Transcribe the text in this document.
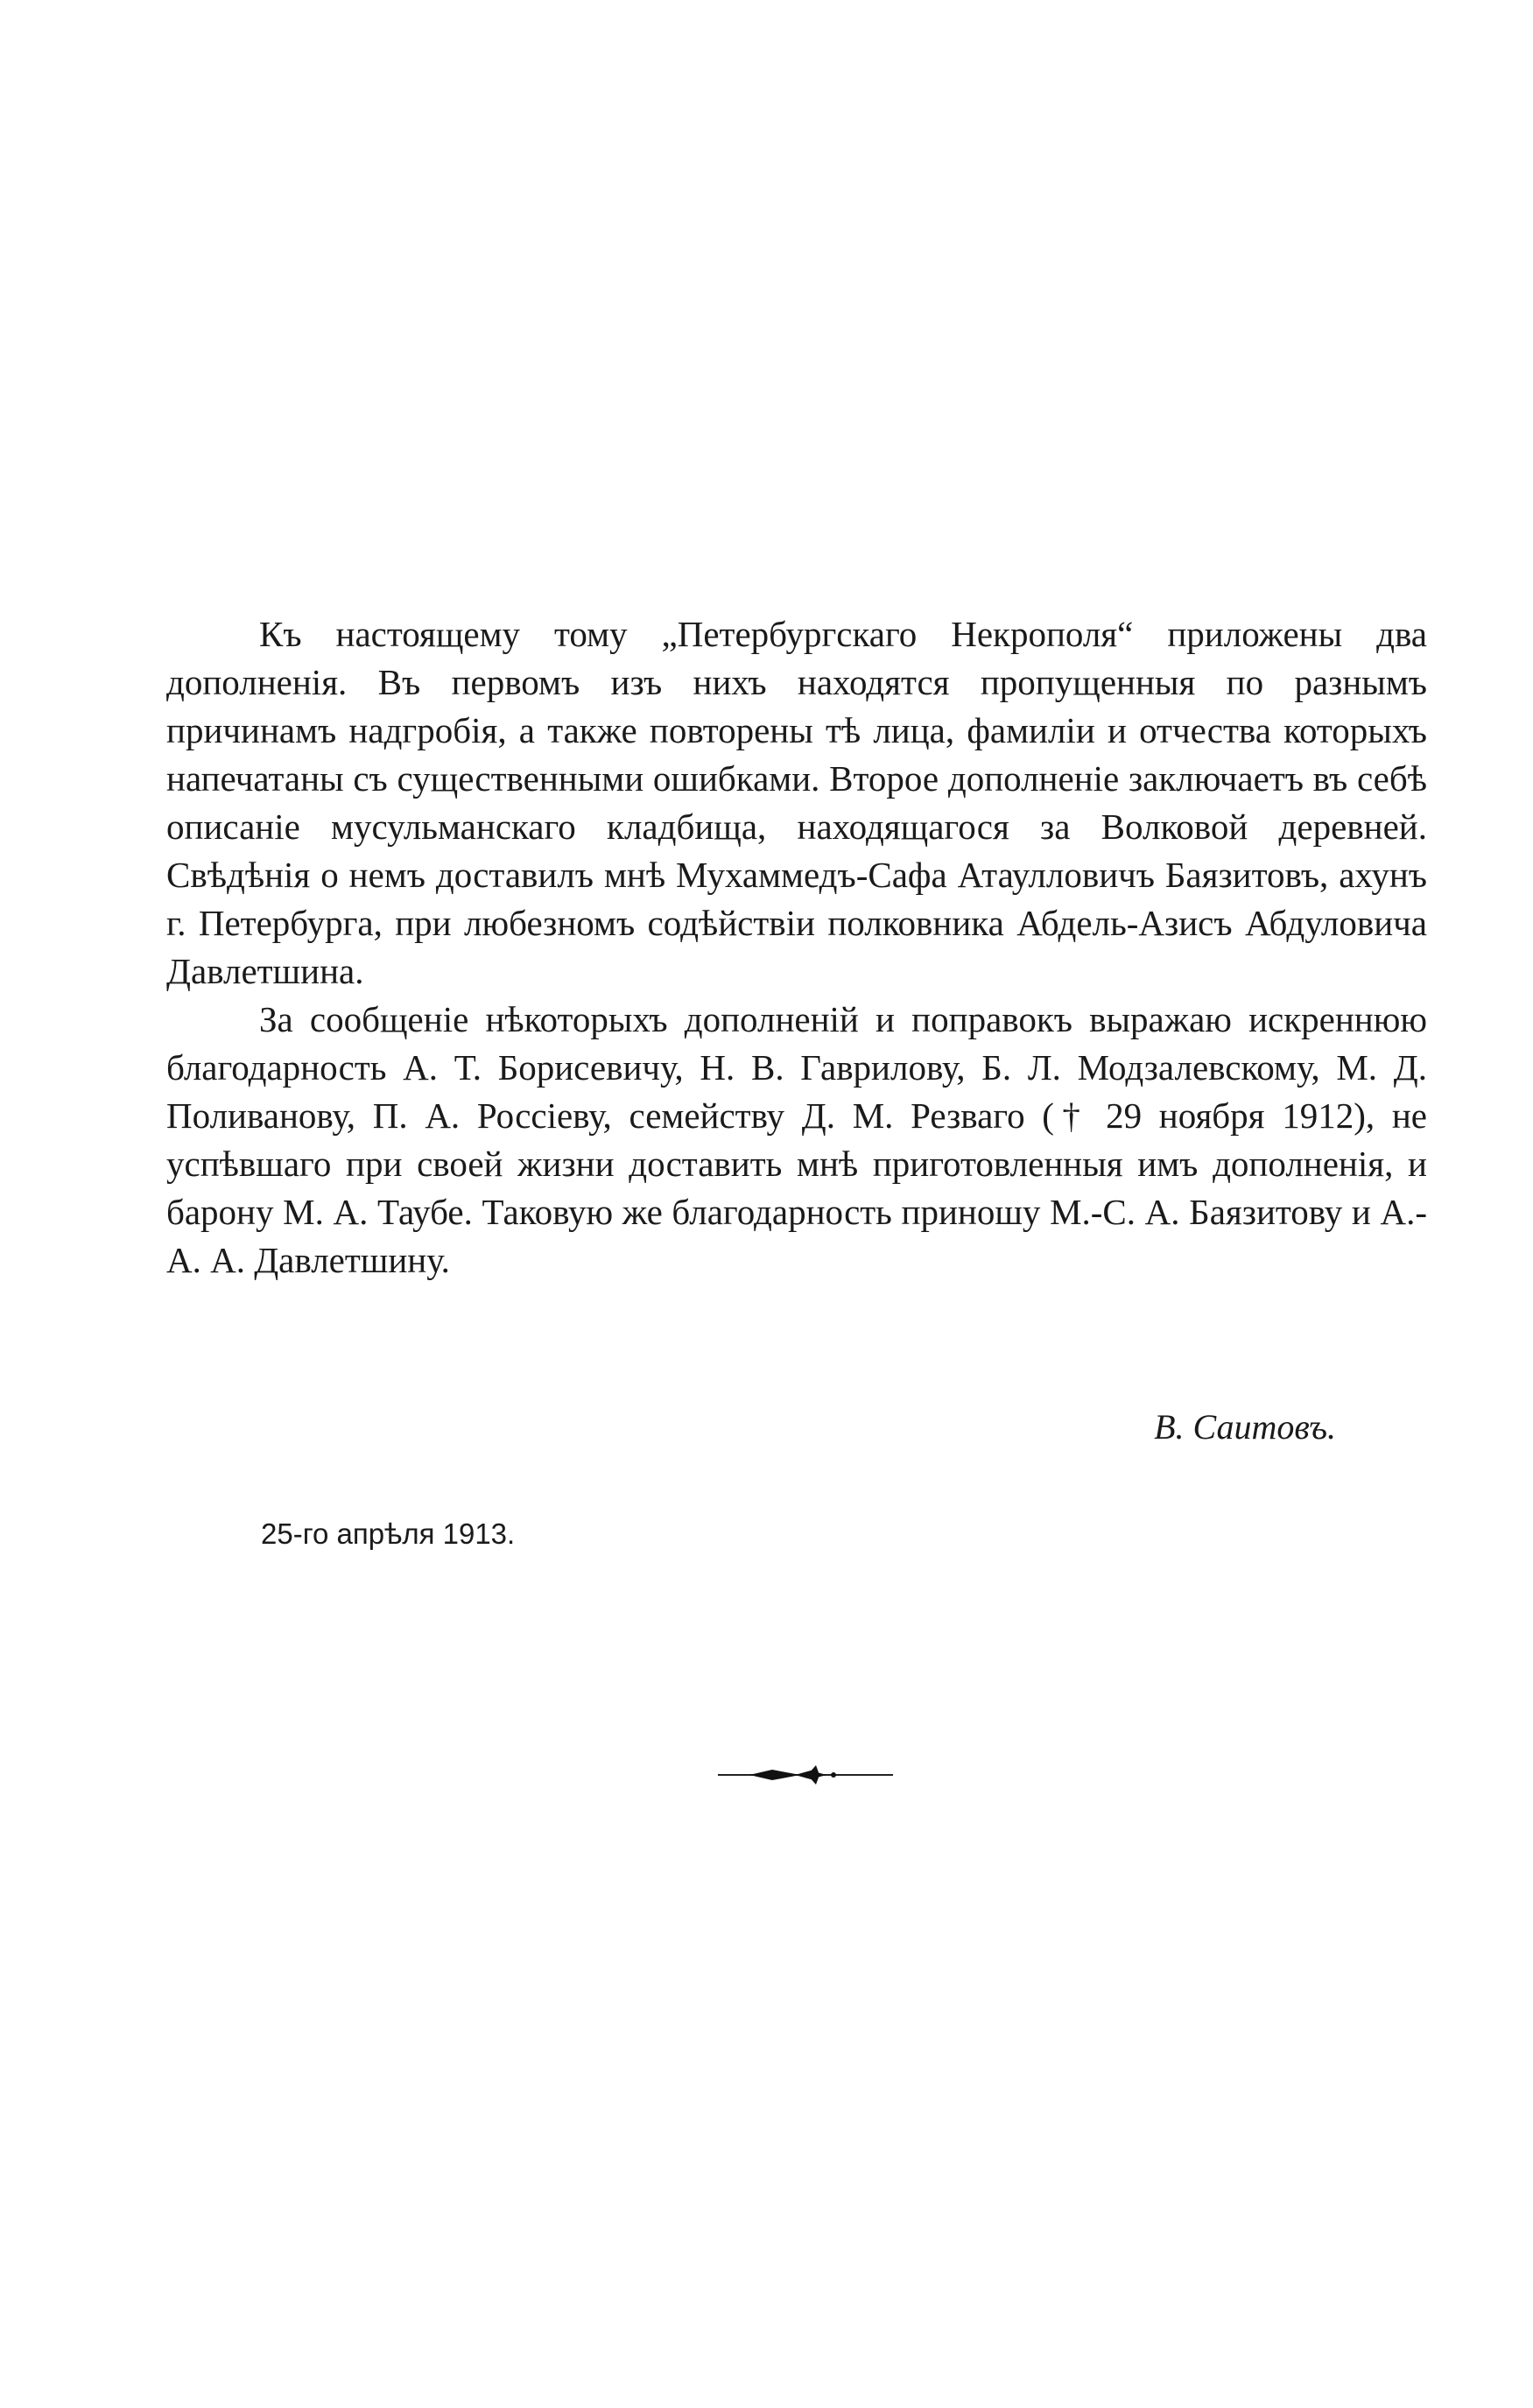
Къ настоящему тому „Петербургскаго Некрополя“ приложены два дополненія. Въ первомъ изъ нихъ находятся пропущенныя по разнымъ причинамъ надгробія, а также повторены тѣ лица, фамиліи и отчества которыхъ напечатаны съ существенными ошибками. Второе дополненіе заключаетъ въ себѣ описаніе мусульманскаго кладбища, находящагося за Волковой деревней. Свѣдѣнія о немъ доставилъ мнѣ Мухаммедъ-Сафа Атаулловичъ Баязитовъ, ахунъ г. Петербурга, при любезномъ содѣйствіи полковника Абдель-Азисъ Абдуловича Давлетшина.

За сообщеніе нѣкоторыхъ дополненій и поправокъ выражаю искреннюю благодарность А. Т. Борисевичу, Н. В. Гаврилову, Б. Л. Модзалевскому, М. Д. Поливанову, П. А. Россіеву, семейству Д. М. Резваго († 29 ноября 1912), не успѣвшаго при своей жизни доставить мнѣ приготовленныя имъ дополненія, и барону М. А. Таубе. Таковую же благодарность приношу М.-С. А. Баязитову и А.-А. А. Давлетшину.

В. Саитовъ.
25-го апрѣля 1913.
